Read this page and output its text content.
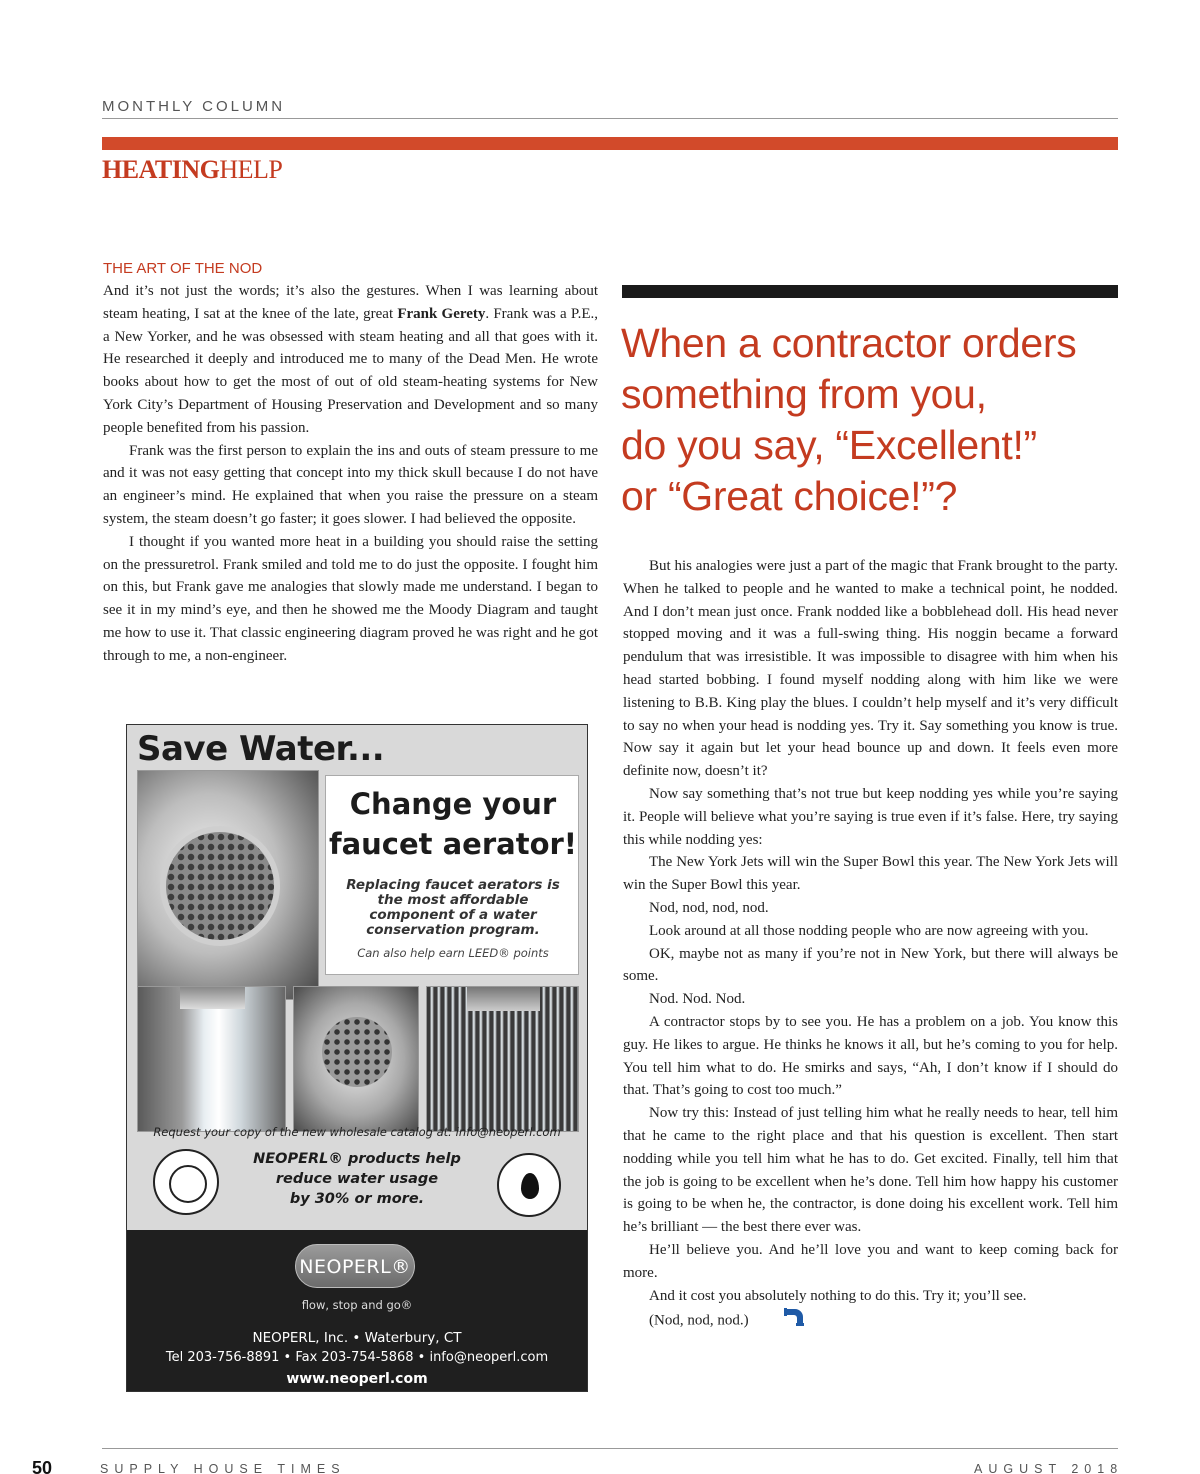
MONTHLY COLUMN
HEATINGHELP
THE ART OF THE NOD

And it’s not just the words; it’s also the gestures. When I was learning about steam heating, I sat at the knee of the late, great Frank Gerety. Frank was a P.E., a New Yorker, and he was obsessed with steam heating and all that goes with it. He researched it deeply and introduced me to many of the Dead Men. He wrote books about how to get the most of out of old steam-heating systems for New York City’s Department of Housing Preservation and Development and so many people benefited from his passion.

Frank was the first person to explain the ins and outs of steam pressure to me and it was not easy getting that concept into my thick skull because I do not have an engineer’s mind. He explained that when you raise the pressure on a steam system, the steam doesn’t go faster; it goes slower. I had believed the opposite.

I thought if you wanted more heat in a building you should raise the setting on the pressuretrol. Frank smiled and told me to do just the opposite. I fought him on this, but Frank gave me analogies that slowly made me understand. I began to see it in my mind’s eye, and then he showed me the Moody Diagram and taught me how to use it. That classic engineering diagram proved he was right and he got through to me, a non-engineer.

When a contractor orders
something from you,
do you say, “Excellent!”
or “Great choice!”?

But his analogies were just a part of the magic that Frank brought to the party. When he talked to people and he wanted to make a technical point, he nodded. And I don’t mean just once. Frank nodded like a bobblehead doll. His head never stopped moving and it was a full-swing thing. His noggin became a forward pendulum that was irresistible. It was impossible to disagree with him when his head started bobbing. I found myself nodding along with him like we were listening to B.B. King play the blues. I couldn’t help myself and it’s very difficult to say no when your head is nodding yes. Try it. Say something you know is true. Now say it again but let your head bounce up and down. It feels even more definite now, doesn’t it?

Now say something that’s not true but keep nodding yes while you’re saying it. People will believe what you’re saying is true even if it’s false. Here, try saying this while nodding yes:

The New York Jets will win the Super Bowl this year. The New York Jets will win the Super Bowl this year.

Nod, nod, nod, nod.

Look around at all those nodding people who are now agreeing with you.

OK, maybe not as many if you’re not in New York, but there will always be some.

Nod. Nod. Nod.

A contractor stops by to see you. He has a problem on a job. You know this guy. He likes to argue. He thinks he knows it all, but he’s coming to you for help. You tell him what to do. He smirks and says, “Ah, I don’t know if I should do that. That’s going to cost too much.”

Now try this: Instead of just telling him what he really needs to hear, tell him that he came to the right place and that his question is excellent. Then start nodding while you tell him what he has to do. Get excited. Finally, tell him that the job is going to be excellent when he’s done. Tell him how happy his customer is going to be when he, the contractor, is done doing his excellent work. Tell him he’s brilliant — the best there ever was.

He’ll believe you. And he’ll love you and want to keep coming back for more.

And it cost you absolutely nothing to do this. Try it; you’ll see.

(Nod, nod, nod.)

Save Water...
Change your
faucet aerator!
Replacing faucet aerators is the most affordable component of a water conservation program.
Can also help earn LEED® points
Request your copy of the new wholesale catalog at: info@neoperl.com
NEOPERL® products help
reduce water usage
by 30% or more.
NEOPERL®
flow, stop and go®
NEOPERL, Inc. • Waterbury, CT
Tel 203-756-8891 • Fax 203-754-5868 • info@neoperl.com
www.neoperl.com
50	SUPPLY HOUSE TIMES	AUGUST 2018
